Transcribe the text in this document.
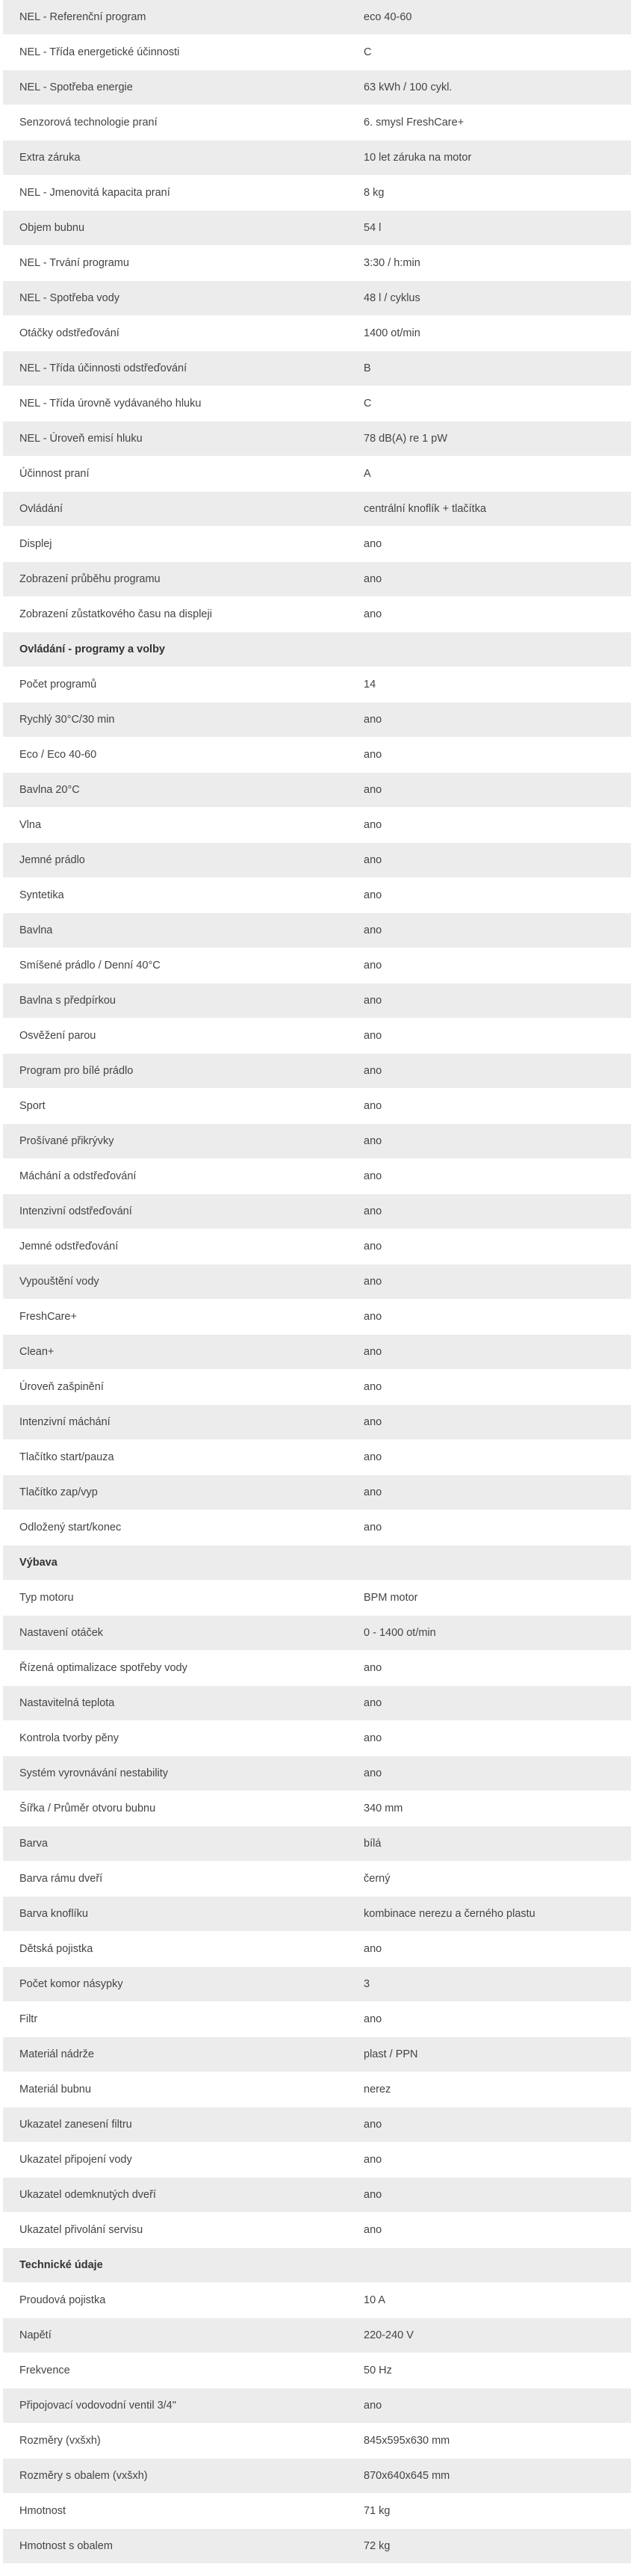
NEL - Referenční program	eco 40-60
NEL - Třída energetické účinnosti	C
NEL - Spotřeba energie	63 kWh / 100 cykl.
Senzorová technologie praní	6. smysl FreshCare+
Extra záruka	10 let záruka na motor
NEL - Jmenovitá kapacita praní	8 kg
Objem bubnu	54 l
NEL - Trvání programu	3:30 / h:min
NEL - Spotřeba vody	48 l / cyklus
Otáčky odstřeďování	1400 ot/min
NEL - Třída účinnosti odstřeďování	B
NEL - Třída úrovně vydávaného hluku	C
NEL - Úroveň emisí hluku	78 dB(A) re 1 pW
Účinnost praní	A
Ovládání	centrální knoflík + tlačítka
Displej	ano
Zobrazení průběhu programu	ano
Zobrazení zůstatkového času na displeji	ano
Ovládání - programy a volby	
Počet programů	14
Rychlý 30°C/30 min	ano
Eco / Eco 40-60	ano
Bavlna 20°C	ano
Vlna	ano
Jemné prádlo	ano
Syntetika	ano
Bavlna	ano
Smíšené prádlo / Denní 40°C	ano
Bavlna s předpírkou	ano
Osvěžení parou	ano
Program pro bílé prádlo	ano
Sport	ano
Prošívané přikrývky	ano
Máchání a odstřeďování	ano
Intenzivní odstřeďování	ano
Jemné odstřeďování	ano
Vypouštění vody	ano
FreshCare+	ano
Clean+	ano
Úroveň zašpinění	ano
Intenzivní máchání	ano
Tlačítko start/pauza	ano
Tlačítko zap/vyp	ano
Odložený start/konec	ano
Výbava	
Typ motoru	BPM motor
Nastavení otáček	0 - 1400 ot/min
Řízená optimalizace spotřeby vody	ano
Nastavitelná teplota	ano
Kontrola tvorby pěny	ano
Systém vyrovnávání nestability	ano
Šířka / Průměr otvoru bubnu	340 mm
Barva	bílá
Barva rámu dveří	černý
Barva knoflíku	kombinace nerezu a černého plastu
Dětská pojistka	ano
Počet komor násypky	3
Filtr	ano
Materiál nádrže	plast / PPN
Materiál bubnu	nerez
Ukazatel zanesení filtru	ano
Ukazatel připojení vody	ano
Ukazatel odemknutých dveří	ano
Ukazatel přivolání servisu	ano
Technické údaje	
Proudová pojistka	10 A
Napětí	220-240 V
Frekvence	50 Hz
Připojovací vodovodní ventil 3/4"	ano
Rozměry (vxšxh)	845x595x630 mm
Rozměry s obalem (vxšxh)	870x640x645 mm
Hmotnost	71 kg
Hmotnost s obalem	72 kg
